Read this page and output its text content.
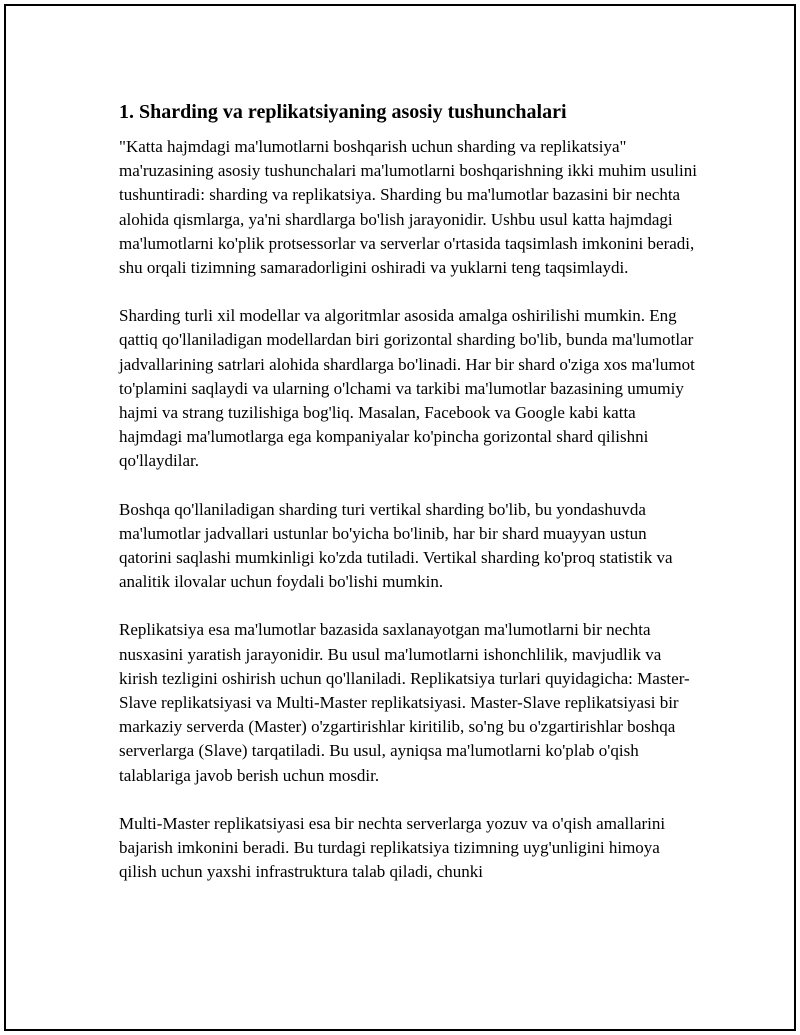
1. Sharding va replikatsiyaning asosiy tushunchalari

"Katta hajmdagi ma'lumotlarni boshqarish uchun sharding va replikatsiya" ma'ruzasining asosiy tushunchalari ma'lumotlarni boshqarishning ikki muhim usulini tushuntiradi: sharding va replikatsiya. Sharding bu ma'lumotlar bazasini bir nechta alohida qismlarga, ya'ni shardlarga bo'lish jarayonidir. Ushbu usul katta hajmdagi ma'lumotlarni ko'plik protsessorlar va serverlar o'rtasida taqsimlash imkonini beradi, shu orqali tizimning samaradorligini oshiradi va yuklarni teng taqsimlaydi.

Sharding turli xil modellar va algoritmlar asosida amalga oshirilishi mumkin. Eng qattiq qo'llaniladigan modellardan biri gorizontal sharding bo'lib, bunda ma'lumotlar jadvallarining satrlari alohida shardlarga bo'linadi. Har bir shard o'ziga xos ma'lumot to'plamini saqlaydi va ularning o'lchami va tarkibi ma'lumotlar bazasining umumiy hajmi va strang tuzilishiga bog'liq. Masalan, Facebook va Google kabi katta hajmdagi ma'lumotlarga ega kompaniyalar ko'pincha gorizontal shard qilishni qo'llaydilar.

Boshqa qo'llaniladigan sharding turi vertikal sharding bo'lib, bu yondashuvda ma'lumotlar jadvallari ustunlar bo'yicha bo'linib, har bir shard muayyan ustun qatorini saqlashi mumkinligi ko'zda tutiladi. Vertikal sharding ko'proq statistik va analitik ilovalar uchun foydali bo'lishi mumkin.

Replikatsiya esa ma'lumotlar bazasida saxlanayotgan ma'lumotlarni bir nechta nusxasini yaratish jarayonidir. Bu usul ma'lumotlarni ishonchlilik, mavjudlik va kirish tezligini oshirish uchun qo'llaniladi. Replikatsiya turlari quyidagicha: Master-Slave replikatsiyasi va Multi-Master replikatsiyasi. Master-Slave replikatsiyasi bir markaziy serverda (Master) o'zgartirishlar kiritilib, so'ng bu o'zgartirishlar boshqa serverlarga (Slave) tarqatiladi. Bu usul, ayniqsa ma'lumotlarni ko'plab o'qish talablariga javob berish uchun mosdir.

Multi-Master replikatsiyasi esa bir nechta serverlarga yozuv va o'qish amallarini bajarish imkonini beradi. Bu turdagi replikatsiya tizimning uyg'unligini himoya qilish uchun yaxshi infrastruktura talab qiladi, chunki
